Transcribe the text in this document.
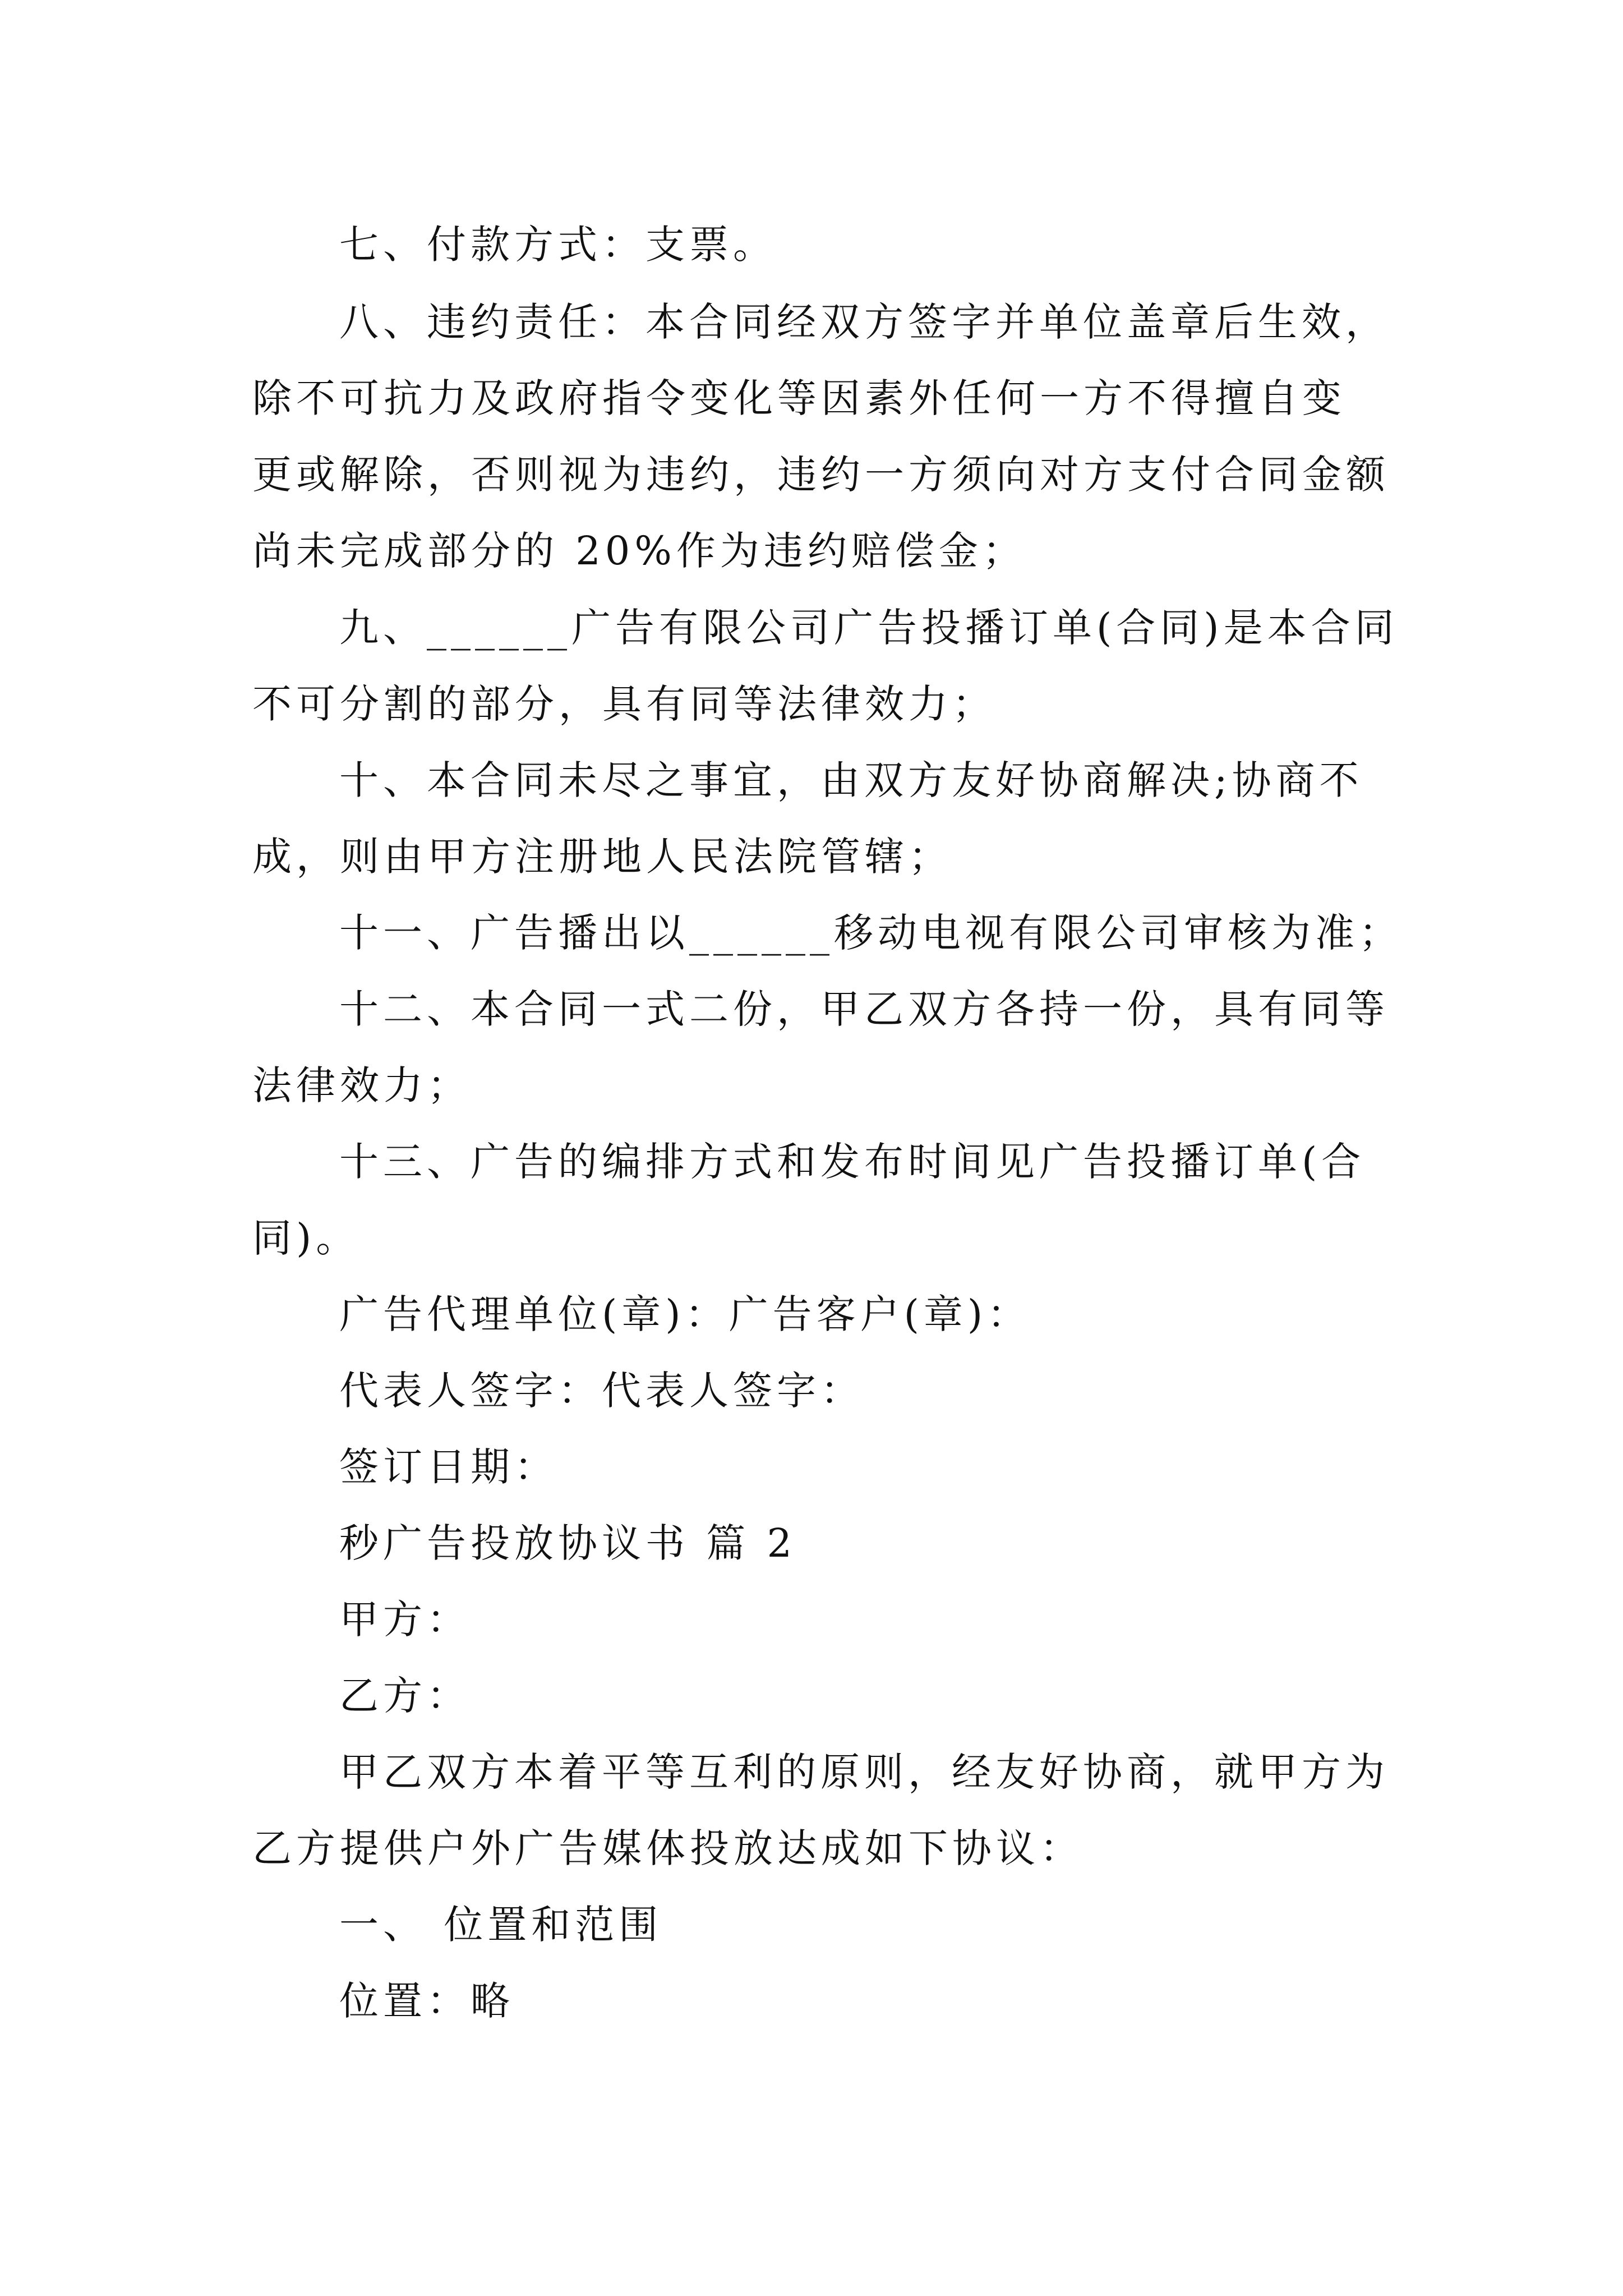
七、付款方式：支票。
八、违约责任：本合同经双方签字并单位盖章后生效，
除不可抗力及政府指令变化等因素外任何一方不得擅自变
更或解除，否则视为违约，违约一方须向对方支付合同金额
尚未完成部分的 20%作为违约赔偿金；
九、______广告有限公司广告投播订单(合同)是本合同
不可分割的部分，具有同等法律效力；
十、本合同未尽之事宜，由双方友好协商解决;协商不
成，则由甲方注册地人民法院管辖；
十一、广告播出以______移动电视有限公司审核为准；
十二、本合同一式二份，甲乙双方各持一份，具有同等
法律效力；
十三、广告的编排方式和发布时间见广告投播订单(合
同)。
广告代理单位(章)：广告客户(章)：
代表人签字：代表人签字：
签订日期：
秒广告投放协议书 篇 2
甲方：
乙方：
甲乙双方本着平等互利的原则，经友好协商，就甲方为
乙方提供户外广告媒体投放达成如下协议：
一、 位置和范围
位置：略
